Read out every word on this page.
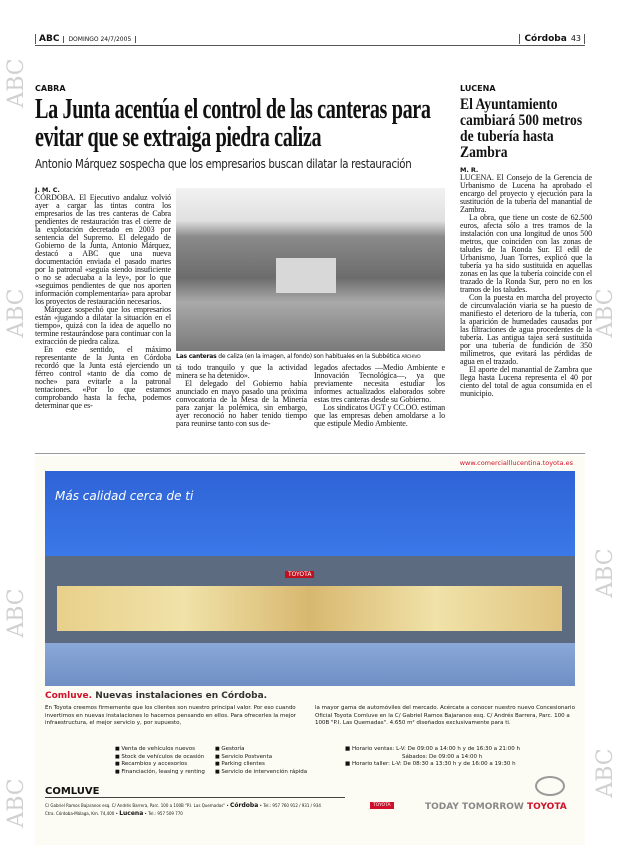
ABC DOMINGO 24/7/2005	Córdoba 43
CABRA
La Junta acentúa el control de las canteras para evitar que se extraiga piedra caliza
Antonio Márquez sospecha que los empresarios buscan dilatar la restauración
J. M. C.

CÓRDOBA. El Ejecutivo andaluz volvió ayer a cargar las tintas contra los empresarios de las tres canteras de Cabra pendientes de restauración tras el cierre de la explotación decretado en 2003 por sentencia del Supremo. El delegado de Gobierno de la Junta, Antonio Márquez, destacó a ABC que una nueva documentación enviada el pasado martes por la patronal «seguía siendo insuficiente o no se adecuaba a la ley», por lo que «seguimos pendientes de que nos aporten información complementaria» para aprobar los proyectos de restauración necesarios.

Márquez sospechó que los empresarios están «jugando a dilatar la situación en el tiempo», quizá con la idea de aquello no termine restaurándose para continuar con la extracción de piedra caliza.

En este sentido, el máximo representante de la Junta en Córdoba recordó que la Junta está ejerciendo un férreo control «tanto de día como de noche» para evitarle a la patronal tentaciones. «Por lo que estamos comprobando hasta la fecha, podemos determinar que es-

Las canteras de caliza (en la imagen, al fondo) son habituales en la Subbética ARCHIVO

tá todo tranquilo y que la actividad minera se ha detenido».

El delegado del Gobierno había anunciado en mayo pasado una próxima convocatoria de la Mesa de la Minería para zanjar la polémica, sin embargo, ayer reconoció no haber tenido tiempo para reunirse tanto con sus de-

legados afectados —Medio Ambiente e Innovación Tecnológica—, ya que previamente necesita estudiar los informes actualizados elaborados sobre estas tres canteras desde su Gobierno.

Los sindicatos UGT y CC.OO. estiman que las empresas deben amoldarse a lo que estipule Medio Ambiente.

LUCENA
El Ayuntamiento cambiará 500 metros de tubería hasta Zambra
M. R.

LUCENA. El Consejo de la Gerencia de Urbanismo de Lucena ha aprobado el encargo del proyecto y ejecución para la sustitución de la tubería del manantial de Zambra.

La obra, que tiene un coste de 62.500 euros, afecta sólo a tres tramos de la instalación con una longitud de unos 500 metros, que coinciden con las zonas de taludes de la Ronda Sur. El edil de Urbanismo, Juan Torres, explicó que la tubería ya ha sido sustituida en aquellas zonas en las que la tubería coincide con el trazado de la Ronda Sur, pero no en los tramos de los taludes.

Con la puesta en marcha del proyecto de circunvalación viaria se ha puesto de manifiesto el deterioro de la tubería, con la aparición de humedades causadas por las filtraciones de agua procedentes de la tubería. Las antigua tajea será sustituida por una tubería de fundición de 350 milímetros, que evitará las pérdidas de agua en el trazado.

El aporte del manantial de Zambra que llega hasta Lucena representa el 40 por ciento del total de agua consumida en el municipio.

www.comercialllucentina.toyota.es
Más calidad cerca de ti
TOYOTA
Comluve. Nuevas instalaciones en Córdoba.
En Toyota creemos firmemente que los clientes son nuestro principal valor. Por eso cuando invertimos en nuevas instalaciones lo hacemos pensando en ellos. Para ofrecerles la mejor infraestructura, el mejor servicio y, por supuesto,
la mayor gama de automóviles del mercado. Acércate a conocer nuestro nuevo Concesionario Oficial Toyota Comluve en la C/ Gabriel Ramos Bajaranos esq. C/ Andrés Barrera, Parc. 100 a 100B "P.I. Las Quemadas". 4.650 m² diseñados exclusivamente para ti.
■ Venta de vehículos nuevos
■ Stock de vehículos de ocasión
■ Recambios y accesorios
■ Financiación, leasing y renting
■ Gestoría
■ Servicio Postventa
■ Parking clientes
■ Servicio de intervención rápida
■ Horario ventas: L-V: De 09:00 a 14:00 h y de 16:30 a 21:00 h
Sábados: De 09:00 a 14:00 h
■ Horario taller: L-V: De 08:30 a 13:30 h y de 16:00 a 19:30 h
COMLUVE
C/ Gabriel Ramos Bajaranos esq. C/ Andrés Barrera, Parc. 100 a 100B "P.I. Las Quemadas" • Córdoba • Tel.: 957 760 912 / 931 / 934
Ctra. Córdoba-Málaga, Km. 74,400 • Lucena • Tel.: 957 509 770
TOYOTA	TODAY TOMORROW TOYOTA
ABC
ABC
ABC
ABC
ABC
ABC
ABC
